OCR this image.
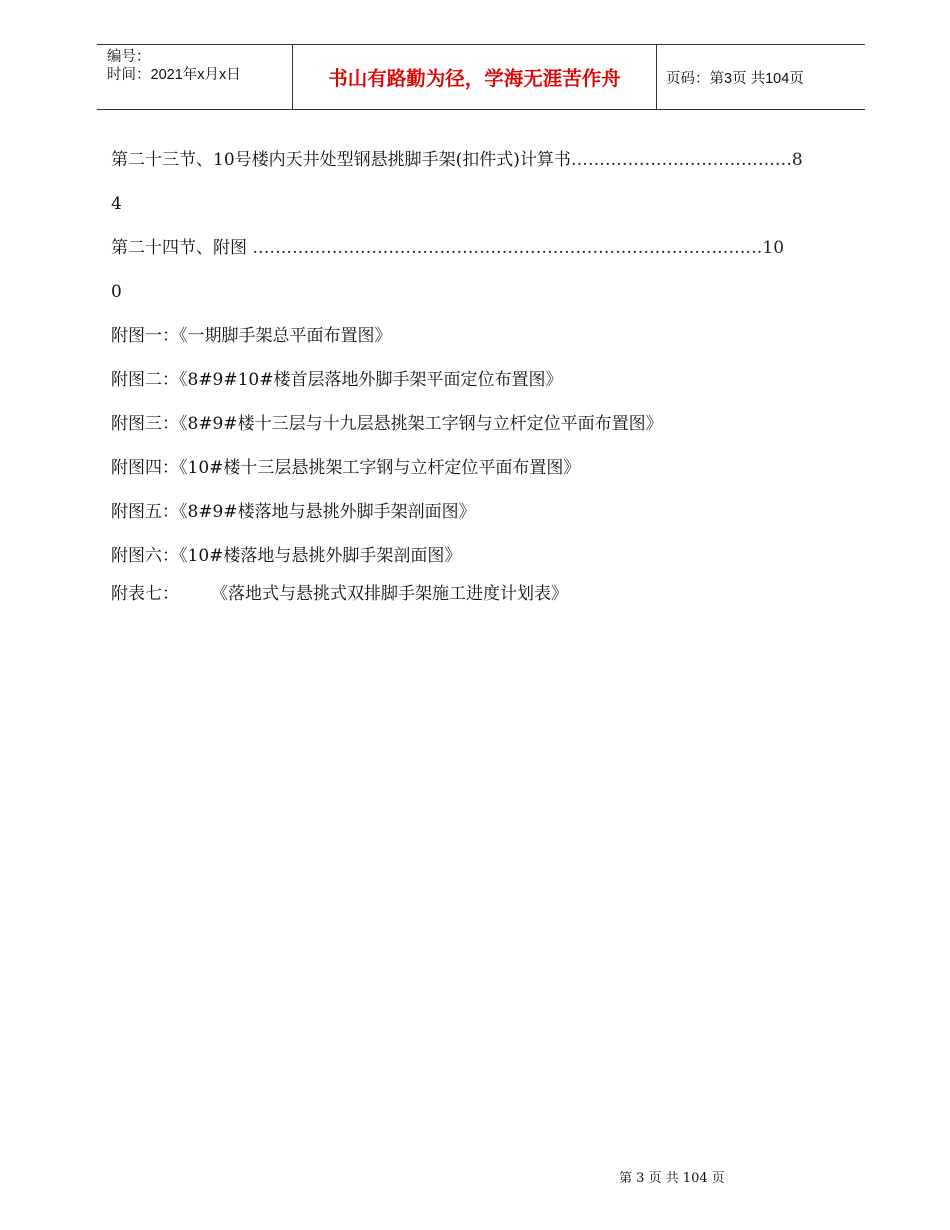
编号：
时间：2021年x月x日	书山有路勤为径，学海无涯苦作舟	页码： 第3页 共104页
第二十三节、10号楼内天井处型钢悬挑脚手架(扣件式)计算书…………………………………8
4
第二十四节、附图 ………………………………………………………………………………10
0
附图一：《一期脚手架总平面布置图》
附图二：《8#9#10#楼首层落地外脚手架平面定位布置图》
附图三：《8#9#楼十三层与十九层悬挑架工字钢与立杆定位平面布置图》
附图四：《10#楼十三层悬挑架工字钢与立杆定位平面布置图》
附图五：《8#9#楼落地与悬挑外脚手架剖面图》
附图六：《10#楼落地与悬挑外脚手架剖面图》
附表七： 《落地式与悬挑式双排脚手架施工进度计划表》
第 3 页 共 104 页
